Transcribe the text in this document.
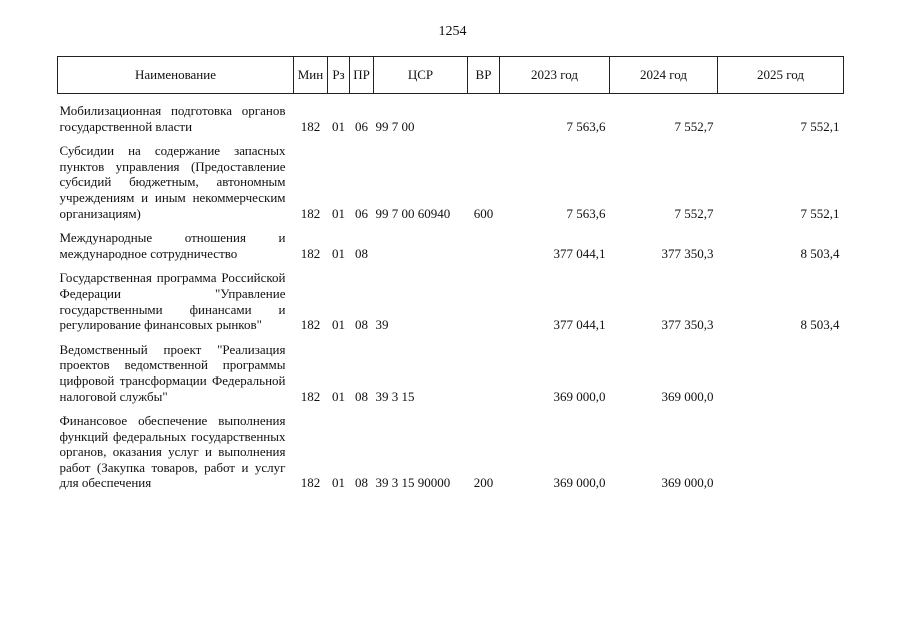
1254
Наименование	Мин	Рз	ПР	ЦСР	ВР	2023 год	2024 год	2025 год
Мобилизационная подготовка органов государственной власти	182	01	06	99 7 00		7 563,6	7 552,7	7 552,1
Субсидии на содержание запасных пунктов управления (Предоставление субсидий бюджетным, автономным учреждениям и иным некоммерческим организациям)	182	01	06	99 7 00 60940	600	7 563,6	7 552,7	7 552,1
Международные отношения и международное сотрудничество	182	01	08			377 044,1	377 350,3	8 503,4
Государственная программа Российской Федерации "Управление государственными финансами и регулирование финансовых рынков"	182	01	08	39		377 044,1	377 350,3	8 503,4
Ведомственный проект "Реализация проектов ведомственной программы цифровой трансформации Федеральной налоговой службы"	182	01	08	39 3 15		369 000,0	369 000,0	
Финансовое обеспечение выполнения функций федеральных государственных органов, оказания услуг и выполнения работ (Закупка товаров, работ и услуг для обеспечения	182	01	08	39 3 15 90000	200	369 000,0	369 000,0	
